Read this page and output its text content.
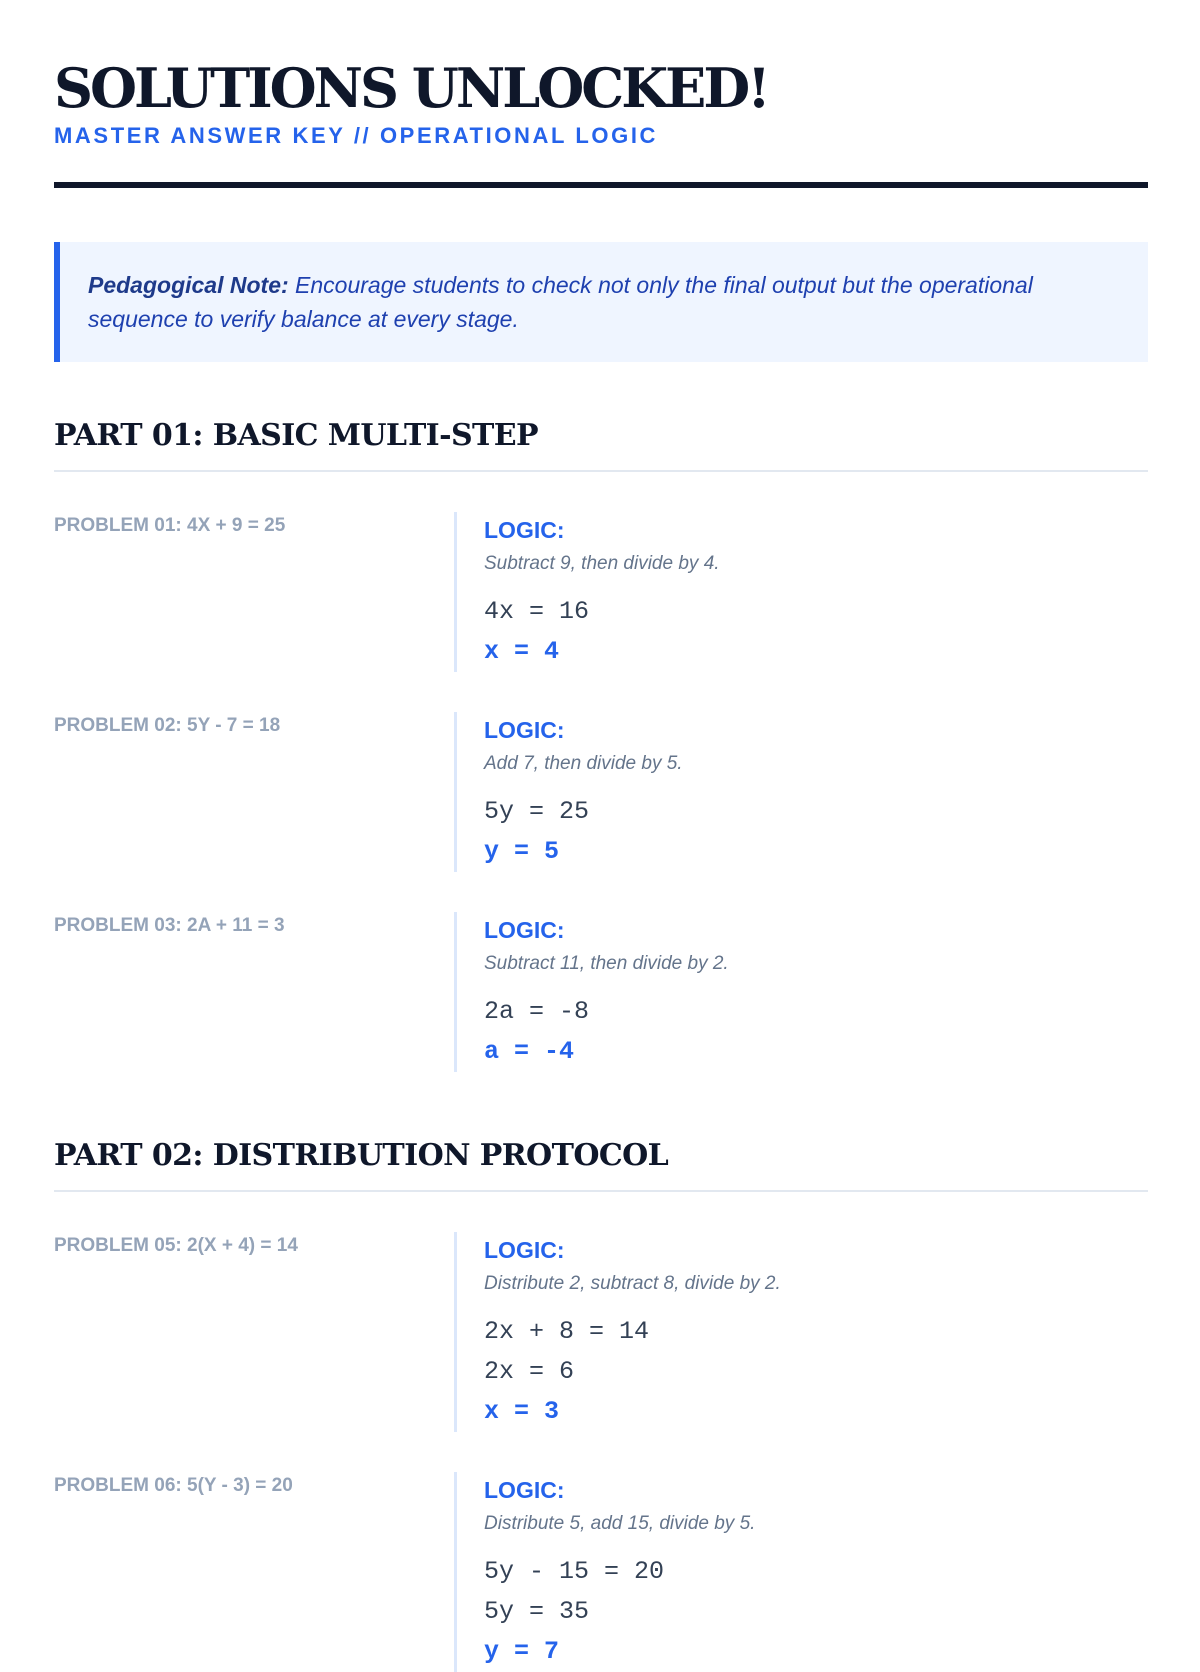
SOLUTIONS UNLOCKED!
MASTER ANSWER KEY // OPERATIONAL LOGIC
Pedagogical Note: Encourage students to check not only the final output but the operational sequence to verify balance at every stage.
PART 01: BASIC MULTI-STEP
PROBLEM 01: 4X + 9 = 25	LOGIC:
Subtract 9, then divide by 4.
4x = 16
x = 4
PROBLEM 02: 5Y - 7 = 18	LOGIC:
Add 7, then divide by 5.
5y = 25
y = 5
PROBLEM 03: 2A + 11 = 3	LOGIC:
Subtract 11, then divide by 2.
2a = -8
a = -4
PART 02: DISTRIBUTION PROTOCOL
PROBLEM 05: 2(X + 4) = 14	LOGIC:
Distribute 2, subtract 8, divide by 2.
2x + 8 = 14
2x = 6
x = 3
PROBLEM 06: 5(Y - 3) = 20	LOGIC:
Distribute 5, add 15, divide by 5.
5y - 15 = 20
5y = 35
y = 7
